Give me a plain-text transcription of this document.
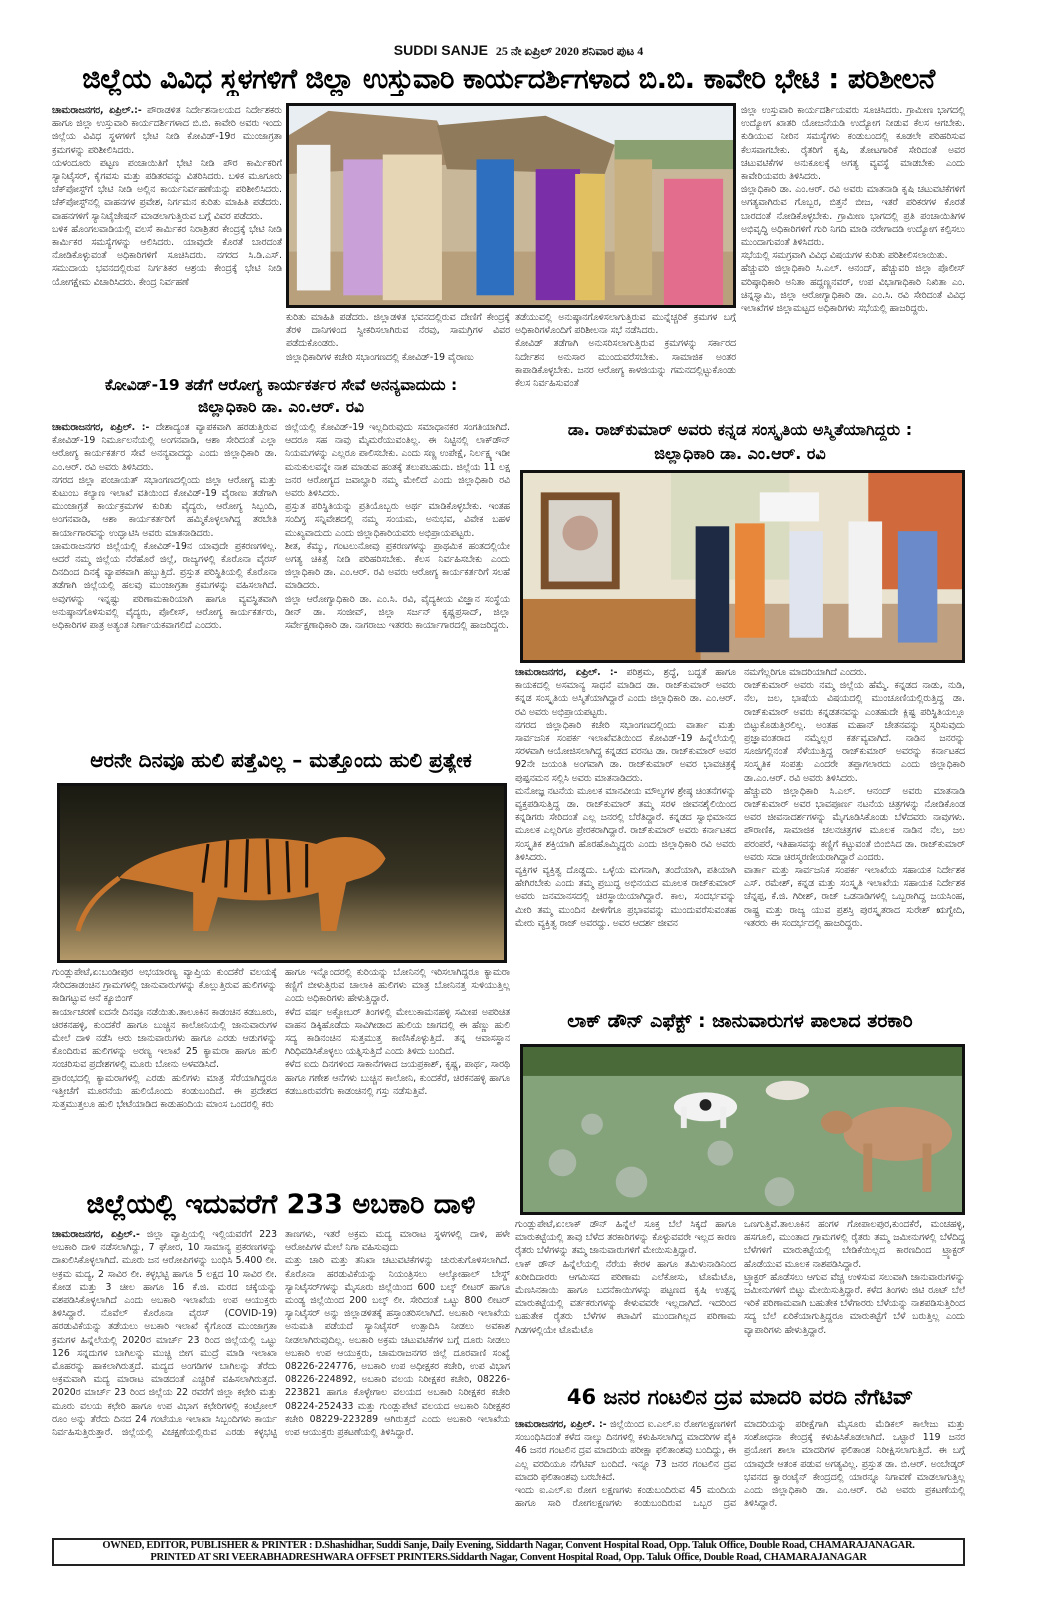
SUDDI SANJE 25 ನೇ ಏಪ್ರಿಲ್ 2020 ಶನಿವಾರ ಪುಟ 4
ಜಿಲ್ಲೆಯ ವಿವಿಧ ಸ್ಥಳಗಳಿಗೆ ಜಿಲ್ಲಾ ಉಸ್ತುವಾರಿ ಕಾರ್ಯದರ್ಶಿಗಳಾದ ಬಿ.ಬಿ. ಕಾವೇರಿ ಭೇಟಿ : ಪರಿಶೀಲನೆ

ಚಾಮರಾಜನಗರ, ಏಪ್ರಿಲ್.:- ಪೌರಾಡಳಿತ ನಿರ್ದೇಶನಾಲಯದ ನಿರ್ದೇಶಕರು ಹಾಗೂ ಜಿಲ್ಲಾ ಉಸ್ತುವಾರಿ ಕಾರ್ಯದರ್ಶಿಗಳಾದ ಬಿ.ಬಿ. ಕಾವೇರಿ ಅವರು ಇಂದು ಜಿಲ್ಲೆಯ ವಿವಿಧ ಸ್ಥಳಗಳಿಗೆ ಭೇಟಿ ನೀಡಿ ಕೋವಿಡ್-19ರ ಮುಂಜಾಗ್ರತಾ ಕ್ರಮಗಳನ್ನು ಪರಿಶೀಲಿಸಿದರು.

ಯಳಂದೂರು ಪಟ್ಟಣ ಪಂಚಾಯಿತಿಗೆ ಭೇಟಿ ನೀಡಿ ಪೌರ ಕಾರ್ಮಿಕರಿಗೆ ಸ್ಯಾನಿಟೈಸರ್, ಕೈಗವಸು ಮತ್ತು ಪಡಿತರವನ್ನು ವಿತರಿಸಿದರು. ಬಳಿಕ ಮೂಗೂರು ಚೆಕ್‌ಪೋಸ್ಟ್‌ಗೆ ಭೇಟಿ ನೀಡಿ ಅಲ್ಲಿನ ಕಾರ್ಯನಿರ್ವಹಣೆಯನ್ನು ಪರಿಶೀಲಿಸಿದರು. ಚೆಕ್‌ಪೋಸ್ಟ್‌ನಲ್ಲಿ ವಾಹನಗಳ ಪ್ರವೇಶ, ನಿರ್ಗಮನ ಕುರಿತು ಮಾಹಿತಿ ಪಡೆದರು. ವಾಹನಗಳಿಗೆ ಸ್ಯಾನಿಟೈಜೇಷನ್ ಮಾಡಲಾಗುತ್ತಿರುವ ಬಗ್ಗೆ ವಿವರ ಪಡೆದರು.

ಬಳಿಕ ಹೊಂಗಲವಾಡಿಯಲ್ಲಿ ವಲಸೆ ಕಾರ್ಮಿಕರ ನಿರಾಶ್ರಿತರ ಕೇಂದ್ರಕ್ಕೆ ಭೇಟಿ ನೀಡಿ ಕಾರ್ಮಿಕರ ಸಮಸ್ಯೆಗಳನ್ನು ಆಲಿಸಿದರು. ಯಾವುದೇ ಕೊರತೆ ಬಾರದಂತೆ ನೋಡಿಕೊಳ್ಳುವಂತೆ ಅಧಿಕಾರಿಗಳಿಗೆ ಸೂಚಿಸಿದರು. ನಗರದ ಸಿ.ಡಿ.ಎಸ್. ಸಮುದಾಯ ಭವನದಲ್ಲಿರುವ ನಿರ್ಗತಿಕರ ಆಶ್ರಯ ಕೇಂದ್ರಕ್ಕೆ ಭೇಟಿ ನೀಡಿ ಯೋಗಕ್ಷೇಮ ವಿಚಾರಿಸಿದರು. ಕೇಂದ್ರ ನಿರ್ವಹಣೆ

ಕುರಿತು ಮಾಹಿತಿ ಪಡೆದರು. ಜಿಲ್ಲಾಡಳಿತ ಭವನದಲ್ಲಿರುವ ದೇಣಿಗೆ ಕೇಂದ್ರಕ್ಕೆ ತೆರಳಿ ದಾನಿಗಳಿಂದ ಸ್ವೀಕರಿಸಲಾಗಿರುವ ನೆರವು, ಸಾಮಗ್ರಿಗಳ ವಿವರ ಪಡೆದುಕೊಂಡರು.

ಜಿಲ್ಲಾಧಿಕಾರಿಗಳ ಕಚೇರಿ ಸಭಾಂಗಣದಲ್ಲಿ ಕೋವಿಡ್-19 ವೈರಾಣು

ತಡೆಯುವಲ್ಲಿ ಅನುಷ್ಠಾನಗೊಳಿಸಲಾಗುತ್ತಿರುವ ಮುನ್ನೆಚ್ಚರಿಕೆ ಕ್ರಮಗಳ ಬಗ್ಗೆ ಅಧಿಕಾರಿಗಳೊಂದಿಗೆ ಪರಿಶೀಲನಾ ಸಭೆ ನಡೆಸಿದರು.

ಕೋವಿಡ್ ತಡೆಗಾಗಿ ಅನುಸರಿಸಲಾಗುತ್ತಿರುವ ಕ್ರಮಗಳನ್ನು ಸರ್ಕಾರದ ನಿರ್ದೇಶನ ಅನುಸಾರ ಮುಂದುವರೆಸಬೇಕು. ಸಾಮಾಜಿಕ ಅಂತರ ಕಾಪಾಡಿಕೊಳ್ಳಬೇಕು. ಜನರ ಆರೋಗ್ಯ ಕಾಳಜಿಯನ್ನು ಗಮನದಲ್ಲಿಟ್ಟುಕೊಂಡು ಕೆಲಸ ನಿರ್ವಹಿಸುವಂತೆ

ಜಿಲ್ಲಾ ಉಸ್ತುವಾರಿ ಕಾರ್ಯದರ್ಶಿಯವರು ಸೂಚಿಸಿದರು. ಗ್ರಾಮೀಣ ಭಾಗದಲ್ಲಿ ಉದ್ಯೋಗ ಖಾತರಿ ಯೋಜನೆಯಡಿ ಉದ್ಯೋಗ ನೀಡುವ ಕೆಲಸ ಆಗಬೇಕು. ಕುಡಿಯುವ ನೀರಿನ ಸಮಸ್ಯೆಗಳು ಕಂಡುಬಂದಲ್ಲಿ ಕೂಡಲೇ ಪರಿಹರಿಸುವ ಕೆಲಸವಾಗಬೇಕು. ರೈತರಿಗೆ ಕೃಷಿ, ತೋಟಗಾರಿಕೆ ಸೇರಿದಂತೆ ಅವರ ಚಟುವಟಿಕೆಗಳ ಅನುಕೂಲಕ್ಕೆ ಅಗತ್ಯ ವ್ಯವಸ್ಥೆ ಮಾಡಬೇಕು ಎಂದು ಕಾವೇರಿಯವರು ತಿಳಿಸಿದರು.

ಜಿಲ್ಲಾಧಿಕಾರಿ ಡಾ. ಎಂ.ಆರ್. ರವಿ ಅವರು ಮಾತನಾಡಿ ಕೃಷಿ ಚಟುವಟಿಕೆಗಳಿಗೆ ಅಗತ್ಯವಾಗಿರುವ ಗೊಬ್ಬರ, ಬಿತ್ತನೆ ಬೀಜ, ಇತರೆ ಪರಿಕರಗಳ ಕೊರತೆ ಬಾರದಂತೆ ನೋಡಿಕೊಳ್ಳಬೇಕು. ಗ್ರಾಮೀಣ ಭಾಗದಲ್ಲಿ ಪ್ರತಿ ಪಂಚಾಯಿತಿಗಳ ಅಭಿವೃದ್ಧಿ ಅಧಿಕಾರಿಗಳಿಗೆ ಗುರಿ ನಿಗದಿ ಮಾಡಿ ನರೇಗಾದಡಿ ಉದ್ಯೋಗ ಕಲ್ಪಿಸಲು ಮುಂದಾಗುವಂತೆ ತಿಳಿಸಿದರು.

ಸಭೆಯಲ್ಲಿ ಸಮಗ್ರವಾಗಿ ವಿವಿಧ ವಿಷಯಗಳ ಕುರಿತು ಪರಿಶೀಲಿಸಲಾಯಿತು.

ಹೆಚ್ಚುವರಿ ಜಿಲ್ಲಾಧಿಕಾರಿ ಸಿ.ಎಲ್. ಆನಂದ್, ಹೆಚ್ಚುವರಿ ಜಿಲ್ಲಾ ಪೊಲೀಸ್ ವರಿಷ್ಠಾಧಿಕಾರಿ ಅನಿತಾ ಹದ್ದಣ್ಣನವರ್, ಉಪ ವಿಭಾಗಾಧಿಕಾರಿ ನಿಖಿತಾ ಎಂ. ಚಿನ್ನಸ್ವಾಮಿ, ಜಿಲ್ಲಾ ಆರೋಗ್ಯಾಧಿಕಾರಿ ಡಾ. ಎಂ.ಸಿ. ರವಿ ಸೇರಿದಂತೆ ವಿವಿಧ ಇಲಾಖೆಗಳ ಜಿಲ್ಲಾಮಟ್ಟದ ಅಧಿಕಾರಿಗಳು ಸಭೆಯಲ್ಲಿ ಹಾಜರಿದ್ದರು.

ಕೋವಿಡ್-19 ತಡೆಗೆ ಆರೋಗ್ಯ ಕಾರ್ಯಕರ್ತರ ಸೇವೆ ಅನನ್ಯವಾದುದು :
ಜಿಲ್ಲಾಧಿಕಾರಿ ಡಾ. ಎಂ.ಆರ್. ರವಿ

ಚಾಮರಾಜನಗರ, ಏಪ್ರಿಲ್. :- ದೇಶಾದ್ಯಂತ ವ್ಯಾಪಕವಾಗಿ ಹರಡುತ್ತಿರುವ ಕೋವಿಡ್-19 ನಿರ್ಮೂಲನೆಯಲ್ಲಿ ಅಂಗನವಾಡಿ, ಆಶಾ ಸೇರಿದಂತೆ ಎಲ್ಲಾ ಆರೋಗ್ಯ ಕಾರ್ಯಕರ್ತರ ಸೇವೆ ಅನನ್ಯವಾದದ್ದು ಎಂದು ಜಿಲ್ಲಾಧಿಕಾರಿ ಡಾ. ಎಂ.ಆರ್. ರವಿ ಅವರು ತಿಳಿಸಿದರು.

ನಗರದ ಜಿಲ್ಲಾ ಪಂಚಾಯತ್ ಸಭಾಂಗಣದಲ್ಲಿಂದು ಜಿಲ್ಲಾ ಆರೋಗ್ಯ ಮತ್ತು ಕುಟುಂಬ ಕಲ್ಯಾಣ ಇಲಾಖೆ ವತಿಯಿಂದ ಕೋವಿಡ್-19 ವೈರಾಣು ತಡೆಗಾಗಿ ಮುಂಜಾಗ್ರತೆ ಕಾರ್ಯಕ್ರಮಗಳ ಕುರಿತು ವೈದ್ಯರು, ಆರೋಗ್ಯ ಸಿಬ್ಬಂದಿ, ಅಂಗನವಾಡಿ, ಆಶಾ ಕಾರ್ಯಕರ್ತರಿಗೆ ಹಮ್ಮಿಕೊಳ್ಳಲಾಗಿದ್ದ ತರಬೇತಿ ಕಾರ್ಯಾಗಾರವನ್ನು ಉದ್ಘಾಟಿಸಿ ಅವರು ಮಾತನಾಡಿದರು.

ಚಾಮರಾಜನಗರ ಜಿಲ್ಲೆಯಲ್ಲಿ ಕೋವಿಡ್-19ನ ಯಾವುದೇ ಪ್ರಕರಣಗಳಿಲ್ಲ. ಆದರೆ ನಮ್ಮ ಜಿಲ್ಲೆಯ ನೆರೆಹೊರೆ ಜಿಲ್ಲೆ, ರಾಜ್ಯಗಳಲ್ಲಿ ಕೊರೊನಾ ವೈರಸ್ ದಿನದಿಂದ ದಿನಕ್ಕೆ ವ್ಯಾಪಕವಾಗಿ ಹಬ್ಬುತ್ತಿದೆ. ಪ್ರಸ್ತುತ ಪರಿಸ್ಥಿತಿಯಲ್ಲಿ ಕೊರೊನಾ ತಡೆಗಾಗಿ ಜಿಲ್ಲೆಯಲ್ಲಿ ಹಲವು ಮುಂಜಾಗ್ರತಾ ಕ್ರಮಗಳನ್ನು ವಹಿಸಲಾಗಿದೆ. ಅವುಗಳನ್ನು ಇನ್ನಷ್ಟು ಪರಿಣಾಮಕಾರಿಯಾಗಿ ಹಾಗೂ ವ್ಯವಸ್ಥಿತವಾಗಿ ಅನುಷ್ಠಾನಗೊಳಿಸುವಲ್ಲಿ ವೈದ್ಯರು, ಪೊಲೀಸ್, ಆರೋಗ್ಯ ಕಾರ್ಯಕರ್ತರು, ಅಧಿಕಾರಿಗಳ ಪಾತ್ರ ಅತ್ಯಂತ ನಿರ್ಣಾಯಕವಾಗಲಿದೆ ಎಂದರು.

ಜಿಲ್ಲೆಯಲ್ಲಿ ಕೋವಿಡ್-19 ಇಲ್ಲದಿರುವುದು ಸಮಾಧಾನಕರ ಸಂಗತಿಯಾಗಿದೆ. ಆದರೂ ಸಹ ನಾವು ಮೈಮರೆಯುವಂತಿಲ್ಲ. ಈ ನಿಟ್ಟಿನಲ್ಲಿ ಲಾಕ್‌ಡೌನ್ ನಿಯಮಗಳನ್ನು ಎಲ್ಲರೂ ಪಾಲಿಸಬೇಕು. ಎಂದು ಸಣ್ಣ ಉಪೇಕ್ಷೆ, ನಿರ್ಲಕ್ಷ್ಯ ಇಡೀ ಮನುಕುಲವನ್ನೇ ನಾಶ ಮಾಡುವ ಹಂತಕ್ಕೆ ತಲುಪಬಹುದು. ಜಿಲ್ಲೆಯ 11 ಲಕ್ಷ ಜನರ ಆರೋಗ್ಯದ ಜವಾಬ್ದಾರಿ ನಮ್ಮ ಮೇಲಿದೆ ಎಂದು ಜಿಲ್ಲಾಧಿಕಾರಿ ರವಿ ಅವರು ತಿಳಿಸಿದರು.

ಪ್ರಸ್ತುತ ಪರಿಸ್ಥಿತಿಯನ್ನು ಪ್ರತಿಯೊಬ್ಬರು ಅರ್ಥ ಮಾಡಿಕೊಳ್ಳಬೇಕು. ಇಂತಹ ಸಂದಿಗ್ಧ ಸನ್ನಿವೇಶದಲ್ಲಿ ನಮ್ಮ ಸಂಯಮ, ಅನುಭವ, ವಿವೇಕ ಬಹಳ ಮುಖ್ಯವಾದುದು ಎಂದು ಜಿಲ್ಲಾಧಿಕಾರಿಯವರು ಅಭಿಪ್ರಾಯಪಟ್ಟರು.

ಶೀತ, ಕೆಮ್ಮು, ಗಂಟಲುನೋವು ಪ್ರಕರಣಗಳನ್ನು ಪ್ರಾಥಮಿಕ ಹಂತದಲ್ಲಿಯೇ ಅಗತ್ಯ ಚಿಕಿತ್ಸೆ ನೀಡಿ ಪರಿಹರಿಸಬೇಕು. ಕೆಲಸ ನಿರ್ವಹಿಸಬೇಕು ಎಂದು ಜಿಲ್ಲಾಧಿಕಾರಿ ಡಾ. ಎಂ.ಆರ್. ರವಿ ಅವರು ಆರೋಗ್ಯ ಕಾರ್ಯಕರ್ತರಿಗೆ ಸಲಹೆ ಮಾಡಿದರು.

ಜಿಲ್ಲಾ ಆರೋಗ್ಯಾಧಿಕಾರಿ ಡಾ. ಎಂ.ಸಿ. ರವಿ, ವೈದ್ಯಕೀಯ ವಿಜ್ಞಾನ ಸಂಸ್ಥೆಯ ಡೀನ್ ಡಾ. ಸಂಜೀವ್, ಜಿಲ್ಲಾ ಸರ್ಜನ್ ಕೃಷ್ಣಪ್ರಸಾದ್, ಜಿಲ್ಲಾ ಸರ್ವೇಕ್ಷಣಾಧಿಕಾರಿ ಡಾ. ನಾಗರಾಜು ಇತರರು ಕಾರ್ಯಾಗಾರದಲ್ಲಿ ಹಾಜರಿದ್ದರು.

ಡಾ. ರಾಜ್‌ಕುಮಾರ್ ಅವರು ಕನ್ನಡ ಸಂಸ್ಕೃತಿಯ ಅಸ್ಮಿತೆಯಾಗಿದ್ದರು :
ಜಿಲ್ಲಾಧಿಕಾರಿ ಡಾ. ಎಂ.ಆರ್. ರವಿ

ಚಾಮರಾಜನಗರ, ಏಪ್ರಿಲ್. :- ಪರಿಶ್ರಮ, ಶ್ರದ್ಧೆ, ಬದ್ಧತೆ ಹಾಗೂ ಕಾಯಕದಲ್ಲಿ ಅಸಮಾನ್ಯ ಸಾಧನೆ ಮಾಡಿದ ಡಾ. ರಾಜ್‌ಕುಮಾರ್ ಅವರು ಕನ್ನಡ ಸಂಸ್ಕೃತಿಯ ಅಸ್ಮಿತೆಯಾಗಿದ್ದಾರೆ ಎಂದು ಜಿಲ್ಲಾಧಿಕಾರಿ ಡಾ. ಎಂ.ಆರ್. ರವಿ ಅವರು ಅಭಿಪ್ರಾಯಪಟ್ಟರು.

ನಗರದ ಜಿಲ್ಲಾಧಿಕಾರಿ ಕಚೇರಿ ಸಭಾಂಗಣದಲ್ಲಿಂದು ವಾರ್ತಾ ಮತ್ತು ಸಾರ್ವಜನಿಕ ಸಂಪರ್ಕ ಇಲಾಖೆವತಿಯಿಂದ ಕೋವಿಡ್-19 ಹಿನ್ನೆಲೆಯಲ್ಲಿ ಸರಳವಾಗಿ ಆಯೋಜಿಸಲಾಗಿದ್ದ ಕನ್ನಡದ ವರನಟ ಡಾ. ರಾಜ್‌ಕುಮಾರ್ ಅವರ 92ನೇ ಜಯಂತಿ ಅಂಗವಾಗಿ ಡಾ. ರಾಜ್‌ಕುಮಾರ್ ಅವರ ಭಾವಚಿತ್ರಕ್ಕೆ ಪುಷ್ಪನಮನ ಸಲ್ಲಿಸಿ ಅವರು ಮಾತನಾಡಿದರು.

ಮನೋಜ್ಞ ನಟನೆಯ ಮೂಲಕ ಮಾನವೀಯ ಮೌಲ್ಯಗಳ ಶ್ರೇಷ್ಠ ಚಿಂತನೆಗಳನ್ನು ವ್ಯಕ್ತಪಡಿಸುತ್ತಿದ್ದ ಡಾ. ರಾಜ್‌ಕುಮಾರ್ ತಮ್ಮ ಸರಳ ಜೀವನಶೈಲಿಯಿಂದ ಕನ್ನಡಿಗರು ಸೇರಿದಂತೆ ಎಲ್ಲ ಜನರಲ್ಲಿ ಬೆರೆತಿದ್ದಾರೆ. ಕನ್ನಡದ ಸ್ವಾಭಿಮಾನದ ಮೂಲಕ ಎಲ್ಲರಿಗೂ ಪ್ರೇರಕರಾಗಿದ್ದಾರೆ. ರಾಜ್‌ಕುಮಾರ್ ಅವರು ಕರ್ನಾಟಕದ ಸಂಸ್ಕೃತಿಕ ಶಕ್ತಿಯಾಗಿ ಹೊರಹೊಮ್ಮಿದ್ದರು ಎಂದು ಜಿಲ್ಲಾಧಿಕಾರಿ ರವಿ ಅವರು ತಿಳಿಸಿದರು.

ವ್ಯಕ್ತಿಗಳ ವ್ಯಕ್ತಿತ್ವ ದೊಡ್ಡದು. ಒಳ್ಳೆಯ ಮಗನಾಗಿ, ತಂದೆಯಾಗಿ, ಪತಿಯಾಗಿ ಹೇಗಿರಬೇಕು ಎಂದು ತಮ್ಮ ಪ್ರಬುದ್ಧ ಅಭಿನಯದ ಮೂಲಕ ರಾಜ್‌ಕುಮಾರ್ ಅವರು ಜನಮಾನಸದಲ್ಲಿ ಚಿರಸ್ಥಾಯಿಯಾಗಿದ್ದಾರೆ. ಕಾಲ, ಸಂದರ್ಭವನ್ನು ಮೀರಿ ತಮ್ಮ ಮುಂದಿನ ಪೀಳಿಗೆಗೂ ಪ್ರಭಾವವನ್ನು ಮುಂದುವರೆಸುವಂತಹ ಮೇರು ವ್ಯಕ್ತಿತ್ವ ರಾಜ್ ಅವರದ್ದು. ಅವರ ಆದರ್ಶ ಜೀವನ

ನಮಗೆಲ್ಲರಿಗೂ ಮಾದರಿಯಾಗಿದೆ ಎಂದರು.

ರಾಜ್‌ಕುಮಾರ್ ಅವರು ನಮ್ಮ ಜಿಲ್ಲೆಯ ಹೆಮ್ಮೆ. ಕನ್ನಡದ ನಾಡು, ನುಡಿ, ನೆಲ, ಜಲ, ಭಾಷೆಯ ವಿಷಯದಲ್ಲಿ ಮುಂಚೂಣಿಯಲ್ಲಿರುತ್ತಿದ್ದ ಡಾ. ರಾಜ್‌ಕುಮಾರ್ ಅವರು ಕನ್ನಡತನವನ್ನು ಎಂತಹುದೇ ಕ್ಲಿಷ್ಟ ಪರಿಸ್ಥಿತಿಯಲ್ಲೂ ಬಿಟ್ಟುಕೊಡುತ್ತಿರಲಿಲ್ಲ. ಅಂತಹ ಮಹಾನ್ ಚೇತನವನ್ನು ಸ್ಮರಿಸುವುದು ಪ್ರಜ್ಞಾವಂತರಾದ ನಮ್ಮೆಲ್ಲರ ಕರ್ತವ್ಯವಾಗಿದೆ. ನಾಡಿನ ಜನರನ್ನು ಸೂಜಿಗಲ್ಲಿನಂತೆ ಸೆಳೆಯುತ್ತಿದ್ದ ರಾಜ್‌ಕುಮಾರ್ ಅವರನ್ನು ಕರ್ನಾಟಕದ ಸಂಸ್ಕೃತಿಕ ಸಂಪತ್ತು ಎಂದರೇ ತಪ್ಪಾಗಲಾರದು ಎಂದು ಜಿಲ್ಲಾಧಿಕಾರಿ ಡಾ.ಎಂ.ಆರ್. ರವಿ ಅವರು ತಿಳಿಸಿದರು.

ಹೆಚ್ಚುವರಿ ಜಿಲ್ಲಾಧಿಕಾರಿ ಸಿ.ಎಲ್. ಆನಂದ್ ಅವರು ಮಾತನಾಡಿ ರಾಜ್‌ಕುಮಾರ್ ಅವರ ಭಾವಪೂರ್ಣ ನಟನೆಯ ಚಿತ್ರಗಳನ್ನು ನೋಡಿಕೊಂಡ ಅವರ ಜೀವನಾದರ್ಶಗಳನ್ನು ಮೈಗೂಡಿಸಿಕೊಂಡು ಬೆಳೆದವರು ನಾವುಗಳು. ಪೌರಾಣಿಕ, ಸಾಮಾಜಿಕ ಚಲನಚಿತ್ರಗಳ ಮೂಲಕ ನಾಡಿನ ನೆಲ, ಜಲ ಪರಂಪರೆ, ಇತಿಹಾಸವನ್ನು ಕಣ್ಣಿಗೆ ಕಟ್ಟುವಂತೆ ಬಿಂಬಿಸಿದ ಡಾ. ರಾಜ್‌ಕುಮಾರ್ ಅವರು ಸದಾ ಚಿರಸ್ಮರಣೀಯರಾಗಿದ್ದಾರೆ ಎಂದರು.

ವಾರ್ತಾ ಮತ್ತು ಸಾರ್ವಜನಿಕ ಸಂಪರ್ಕ ಇಲಾಖೆಯ ಸಹಾಯಕ ನಿರ್ದೇಶಕ ಎಸ್. ರಮೇಶ್, ಕನ್ನಡ ಮತ್ತು ಸಂಸ್ಕೃತಿ ಇಲಾಖೆಯ ಸಹಾಯಕ ನಿರ್ದೇಶಕ ಚೆನ್ನಪ್ಪ, ಕೆ.ಜಿ. ಗಿರೀಶ್, ರಾಜ್ ಒಡನಾಡಿಗಳಲ್ಲಿ ಒಬ್ಬರಾಗಿದ್ದ ಜಯಸಿಂಹ, ರಾಷ್ಟ್ರ ಮತ್ತು ರಾಜ್ಯ ಯುವ ಪ್ರಶಸ್ತಿ ಪುರಸ್ಕೃತರಾದ ಸುರೇಶ್ ಋಗ್ವೇದಿ, ಇತರರು ಈ ಸಂದರ್ಭದಲ್ಲಿ ಹಾಜರಿದ್ದರು.

ಆರನೇ ದಿನವೂ ಹುಲಿ ಪತ್ತೆವಿಲ್ಲ – ಮತ್ತೊಂದು ಹುಲಿ ಪ್ರತ್ಯೇಕ

ಗುಂಡ್ಲುಪೇಟೆ,ಏ:ಬಂಡೀಪುರ ಅಭಯಾರಣ್ಯ ವ್ಯಾಪ್ತಿಯ ಕುಂದಕೆರೆ ವಲಯಕ್ಕೆ ಸೇರಿದಕಾಡಂಚಿನ ಗ್ರಾಮಗಳಲ್ಲಿ ಜಾನುವಾರುಗಳನ್ನು ಕೊಲ್ಲುತ್ತಿರುವ ಹುಲಿಗಳನ್ನು ಕಾಡಿಗಟ್ಟುವ ಆನೆ ಕ್ಯೂಬಿಂಗ್

ಕಾರ್ಯಾಚರಣೆ ಐದನೇ ದಿನವೂ ನಡೆಯಿತು.ತಾಲೂಕಿನ ಕಾಡಂಚಿನ ಕಡಬೂರು, ಚಿರಕನಹಳ್ಳಿ, ಕುಂದಕೆರೆ ಹಾಗೂ ಬುಚ್ಚಿನ ಕಾಲೋನಿಯಲ್ಲಿ ಜಾನುವಾರುಗಳ ಮೇಲೆ ದಾಳಿ ನಡೆಸಿ ಆರು ಜಾನುವಾರುಗಳು ಹಾಗೂ ಎರಡು ಆಡುಗಳನ್ನು ಕೊಂದಿರುವ ಹುಲಿಗಳನ್ನು ಅರಣ್ಯ ಇಲಾಖೆ 25 ಕ್ಯಾಮರಾ ಹಾಗೂ ಹುಲಿ ಸಂಚರಿಸುವ ಪ್ರದೇಶಗಳಲ್ಲಿ ಮೂರು ಬೋನು ಅಳವಡಿಸಿದೆ.

ಪ್ರಾರಂಭದಲ್ಲಿ ಕ್ಯಾಮರಾಗಳಲ್ಲಿ ಎರಡು ಹುಲಿಗಳು ಮಾತ್ರ ಸೆರೆಯಾಗಿದ್ದರೂ ಇತ್ತೀಚೆಗೆ ಮೂರನೆಯ ಹುಲಿಯೊಂದು ಕಂಡುಬಂದಿದೆ. ಈ ಪ್ರದೇಶದ ಸುತ್ತಮುತ್ತಲೂ ಹುಲಿ ಭೇಟೆಯಾಡಿದ ಕಾಡುಹಂದಿಯ ಮಾಂಸ ಒಂದರಲ್ಲಿ ಕರು

ಹಾಗೂ ಇನ್ನೊಂದರಲ್ಲಿ ಕುರಿಯನ್ನು ಬೋನಿನಲ್ಲಿ ಇರಿಸಲಾಗಿದ್ದರೂ ಕ್ಯಾಮರಾ ಕಣ್ಣಿಗೆ ಬೀಳುತ್ತಿರುವ ಚಾಲಾಕಿ ಹುಲಿಗಳು ಮಾತ್ರ ಬೋನಿನತ್ತ ಸುಳಿಯುತ್ತಿಲ್ಲ ಎಂದು ಅಧಿಕಾರಿಗಳು ಹೇಳುತ್ತಿದ್ದಾರೆ.

ಕಳೆದ ವರ್ಷ ಅಕ್ಟೋಬರ್ ತಿಂಗಳಲ್ಲಿ ಮೇಲುಕಾಮನಹಳ್ಳಿ ಸಮೀಪ ಅಪರಿಚಿತ ವಾಹನ ಡಿಕ್ಕಿಹೊಡೆದು ಸಾವಿಗೀಡಾದ ಹುಲಿಯ ಜಾಗದಲ್ಲಿ ಈ ಹೆಣ್ಣು ಹುಲಿ ಸದ್ಯ ಕಾಡಿನಂಚಿನ ಸುತ್ತಮುತ್ತ ಕಾಣಿಸಿಕೊಳ್ಳುತ್ತಿದೆ. ತನ್ನ ಆವಾಸಸ್ಥಾನ ಗಿರಿಧಿವಡಿಸಿಕೊಳ್ಳಲು ಯತ್ನಿಸುತ್ತಿದೆ ಎಂದು ತಿಳಿದು ಬಂದಿದೆ.

ಕಳೆದ ಐದು ದಿನಗಳಿಂದ ಸಾಕಾನೆಗಳಾದ ಜಯಪ್ರಕಾಶ್, ಕೃಷ್ಣ, ಪಾರ್ಥ, ಸಾರಥಿ ಹಾಗೂ ಗಣೇಶ ಆನೆಗಳು ಬುಚ್ಚಿನ ಕಾಲೋನಿ, ಕುಂದಕೆರೆ, ಚಿರಕನಹಳ್ಳಿ ಹಾಗೂ ಕಡಬೂರುವರೆಗು ಕಾಡಂಚಿನಲ್ಲಿ ಗಸ್ತು ನಡೆಸುತ್ತಿವೆ.

ಲಾಕ್ ಡೌನ್ ಎಫೆಕ್ಟ್ : ಜಾನುವಾರುಗಳ ಪಾಲಾದ ತರಕಾರಿ

ಗುಂಡ್ಲುಪೇಟೆ,ಏ:ಲಾಕ್ ಡೌನ್ ಹಿನ್ನೆಲೆ ಸೂಕ್ತ ಬೆಲೆ ಸಿಕ್ಕದೆ ಹಾಗೂ ಮಾರುಕಟ್ಟೆಯಲ್ಲಿ ತಾವು ಬೆಳೆದ ತರಕಾರಿಗಳನ್ನು ಕೊಳ್ಳುವವರೇ ಇಲ್ಲದ ಕಾರಣ ರೈತರು ಬೆಳೆಗಳನ್ನು ತಮ್ಮ ಜಾನುವಾರುಗಳಿಗೆ ಮೇಯಿಸುತ್ತಿದ್ದಾರೆ.

ಲಾಕ್ ಡೌನ್ ಹಿನ್ನೆಲೆಯಲ್ಲಿ ನೆರೆಯ ಕೇರಳ ಹಾಗೂ ತಮಿಳುನಾಡಿನಿಂದ ಖರೀದಿದಾರರು ಆಗಮಿಸದ ಪರಿಣಾಮ ಎಲೆಕೋಸು, ಟೊಮೆಟೊ, ಮೆಣಸಿನಕಾಯಿ ಹಾಗೂ ಬದನೆಕಾಯಿಗಳನ್ನು ಪಟ್ಟಣದ ಕೃಷಿ ಉತ್ಪನ್ನ ಮಾರುಕಟ್ಟೆಯಲ್ಲಿ ವರ್ತಕರುಗಳನ್ನು ಕೇಳುವವರೇ ಇಲ್ಲದಾಗಿದೆ. ಇದರಿಂದ ಬಹುತೇಕ ರೈತರು ಬೆಳೆಗಳ ಕಟಾವಿಗೆ ಮುಂದಾಗಿಲ್ಲದ ಪರಿಣಾಮ ಗಿಡಗಳಲ್ಲಿಯೇ ಟೊಮೆಟೊ

ಒಣಗುತ್ತಿವೆ.ತಾಲೂಕಿನ ಹಂಗಳ ಗೋಪಾಲಪುರ,ಕುಂದಕೆರೆ, ಮಂಚಹಳ್ಳಿ, ಹಸಗೂಲಿ, ಮುಂತಾದ ಗ್ರಾಮಗಳಲ್ಲಿ ರೈತರು ತಮ್ಮ ಜಮೀನುಗಳಲ್ಲಿ ಬೆಳೆದಿದ್ದ ಬೆಳೆಗಳಿಗೆ ಮಾರುಕಟ್ಟೆಯಲ್ಲಿ ಬೇಡಿಕೆಯಿಲ್ಲದ ಕಾರಣದಿಂದ ಟ್ರ್ಯಾಕ್ಟರ್ ಹೊಡೆಯುವ ಮೂಲಕ ನಾಶಪಡಿಸಿದ್ದಾರೆ.

ಟ್ರ್ಯಾಕ್ಟರ್ ಹೊಡೆಸಲು ಆಗುವ ವೆಚ್ಚ ಉಳಿಸುವ ಸಲುವಾಗಿ ಜಾನುವಾರುಗಳನ್ನು ಜಮೀನುಗಳಿಗೆ ಬಿಟ್ಟು ಮೇಯಿಸುತ್ತಿದ್ದಾರೆ. ಕಳೆದ ತಿಂಗಳು ಜಿಟಿ ರೂಟ್ ಬೆಲೆ ಇರಿಕೆ ಪರಿಣಾಮವಾಗಿ ಬಹುತೇಕ ಬೆಳೆಗಾರರು ಬೆಳೆಯನ್ನು ನಾಶಪಡಿಸುತ್ತಿರಿಂದ ಸದ್ಯ ಬೆಲೆ ಏರಿಕೆಯಾಗುತ್ತಿದ್ದರೂ ಮಾರುಕಟ್ಟೆಗೆ ಬೆಳೆ ಬರುತ್ತಿಲ್ಲ ಎಂದು ವ್ಯಾಪಾರಿಗಳು ಹೇಳುತ್ತಿದ್ದಾರೆ.

ಜಿಲ್ಲೆಯಲ್ಲಿ ಇದುವರೆಗೆ 233 ಅಬಕಾರಿ ದಾಳಿ

ಚಾಮರಾಜನಗರ, ಏಪ್ರಿಲ್.- ಜಿಲ್ಲಾ ವ್ಯಾಪ್ತಿಯಲ್ಲಿ ಇಲ್ಲಿಯವರೆಗೆ 223 ಅಬಕಾರಿ ದಾಳಿ ನಡೆಸಲಾಗಿದ್ದು, 7 ಘೋರ, 10 ಸಾಮಾನ್ಯ ಪ್ರಕರಣಗಳನ್ನು ದಾಖಲಿಸಿಕೊಳ್ಳಲಾಗಿದೆ. ಮೂರು ಜನ ಆರೋಪಿಗಳನ್ನು ಬಂಧಿಸಿ 5.400 ಲೀ. ಅಕ್ರಮ ಮದ್ಯ, 2 ಸಾವಿರ ಲೀ. ಕಳ್ಳಭಟ್ಟಿ ಹಾಗೂ 5 ಲಕ್ಷದ 10 ಸಾವಿರ ಲೀ. ಕೋಡ ಮತ್ತು 3 ಚೀಲ ಹಾಗೂ 16 ಕೆ.ಜಿ. ಮರದ ಚಕ್ಕೆಯನ್ನು ವಶಪಡಿಸಿಕೊಳ್ಳಲಾಗಿದೆ ಎಂದು ಅಬಕಾರಿ ಇಲಾಖೆಯ ಉಪ ಆಯುಕ್ತರು ತಿಳಿಸಿದ್ದಾರೆ. ನೊವೆಲ್ ಕೊರೊನಾ ವೈರಸ್ (COVID-19) ಹರಡುವಿಕೆಯನ್ನು ತಡೆಯಲು ಅಬಕಾರಿ ಇಲಾಖೆ ಕೈಗೊಂಡ ಮುಂಜಾಗ್ರತಾ ಕ್ರಮಗಳ ಹಿನ್ನೆಲೆಯಲ್ಲಿ 2020ರ ಮಾರ್ಚ್ 23 ರಿಂದ ಜಿಲ್ಲೆಯಲ್ಲಿ ಒಟ್ಟು 126 ಸನ್ನದುಗಳ ಬಾಗಿಲನ್ನು ಮುಚ್ಚಿ ಬೀಗ ಮುದ್ರೆ ಮಾಡಿ ಇಲಾಖಾ ಮೊಹರನ್ನು ಹಾಕಲಾಗಿರುತ್ತದೆ. ಮದ್ಯದ ಅಂಗಡಿಗಳ ಬಾಗಿಲನ್ನು ತೆರೆದು ಅಕ್ರಮವಾಗಿ ಮದ್ಯ ಮಾರಾಟ ಮಾಡದಂತೆ ಎಚ್ಚರಿಕೆ ವಹಿಸಲಾಗಿರುತ್ತದೆ. 2020ರ ಮಾರ್ಚ್ 23 ರಿಂದ ಜಿಲ್ಲೆಯ 22 ರವರೆಗೆ ಜಿಲ್ಲಾ ಕಛೇರಿ ಮತ್ತು ಮೂರು ವಲಯ ಕಛೇರಿ ಹಾಗೂ ಉಪ ವಿಭಾಗ ಕಛೇರಿಗಳಲ್ಲಿ ಕಂಟ್ರೋಲ್ ರೂಂ ಅನ್ನು ತೆರೆದು ದಿನದ 24 ಗಂಟೆಯೂ ಇಲಾಖಾ ಸಿಬ್ಬಂದಿಗಳು ಕಾರ್ಯ ನಿರ್ವಹಿಸುತ್ತಿರುತ್ತಾರೆ. ಜಿಲ್ಲೆಯಲ್ಲಿ ವಿಚಕ್ಷಣೆಯಲ್ಲಿರುವ ಎರಡು ಕಳ್ಳಭಟ್ಟಿ ತಾಣಗಳು, ಇತರೆ ಅಕ್ರಮ ಮದ್ಯ ಮಾರಾಟ ಸ್ಥಳಗಳಲ್ಲಿ ದಾಳಿ, ಹಳೇ ಆರೋಪಿಗಳ ಮೇಲೆ ನಿಗಾ ವಹಿಸುವುದು

ಮತ್ತು ಚಾರಿ ಮತ್ತು ತನಿಖಾ ಚಟುವಟಿಕೆಗಳನ್ನು ಚುರುಕುಗೊಳಿಸಲಾಗಿದೆ. ಕೊರೊನಾ ಹರಡುವಿಕೆಯನ್ನು ನಿಯಂತ್ರಿಸಲು ಆಲ್ಕೋಹಾಲ್ ಬೇಸ್ಡ್ ಸ್ಯಾನಿಟೈಸರ್‌ಗಳನ್ನು ಮೈಸೂರು ಜಿಲ್ಲೆಯಿಂದ 600 ಬಲ್ಕ್ ಲೀಟರ್ ಹಾಗೂ ಮಂಡ್ಯ ಜಿಲ್ಲೆಯಿಂದ 200 ಬಲ್ಕ್ ಲೀ. ಸೇರಿದಂತೆ ಒಟ್ಟು 800 ಲೀಟರ್ ಸ್ಯಾನಿಟೈಸರ್ ಅನ್ನು ಜಿಲ್ಲಾಡಳಿತಕ್ಕೆ ಹಸ್ತಾಂತರಿಸಲಾಗಿದೆ. ಅಬಕಾರಿ ಇಲಾಖೆಯ ಅನುಮತಿ ಪಡೆಯದೆ ಸ್ಯಾನಿಟೈಸರ್ ಉತ್ಪಾದಿಸಿ ನೀಡಲು ಅವಕಾಶ ನೀಡಲಾಗಿರುವುದಿಲ್ಲ. ಅಬಕಾರಿ ಅಕ್ರಮ ಚಟುವಟಿಕೆಗಳ ಬಗ್ಗೆ ದೂರು ನೀಡಲು ಅಬಕಾರಿ ಉಪ ಆಯುಕ್ತರು, ಚಾಮರಾಜನಗರ ಜಿಲ್ಲೆ ದೂರವಾಣಿ ಸಂಖ್ಯೆ 08226-224776, ಅಬಕಾರಿ ಉಪ ಅಧೀಕ್ಷಕರ ಕಚೇರಿ, ಉಪ ವಿಭಾಗ 08226-224892, ಅಬಕಾರಿ ವಲಯ ನಿರೀಕ್ಷಕರ ಕಚೇರಿ, 08226-223821 ಹಾಗೂ ಕೊಳ್ಳೇಗಾಲ ವಲಯದ ಅಬಕಾರಿ ನಿರೀಕ್ಷಕರ ಕಚೇರಿ 08224-252433 ಮತ್ತು ಗುಂಡ್ಲುಪೇಟೆ ವಲಯದ ಅಬಕಾರಿ ನಿರೀಕ್ಷಕರ ಕಚೇರಿ 08229-223289 ಆಗಿರುತ್ತದೆ ಎಂದು ಅಬಕಾರಿ ಇಲಾಖೆಯ ಉಪ ಆಯುಕ್ತರು ಪ್ರಕಟಣೆಯಲ್ಲಿ ತಿಳಿಸಿದ್ದಾರೆ.

46 ಜನರ ಗಂಟಲಿನ ದ್ರವ ಮಾದರಿ ವರದಿ ನೆಗೆಟಿವ್

ಚಾಮರಾಜನಗರ, ಏಪ್ರಿಲ್. :- ಜಿಲ್ಲೆಯಿಂದ ಐ.ಎಲ್.ಐ ರೋಗಲಕ್ಷಣಗಳಿಗೆ ಸಂಬಂಧಿಸಿದಂತೆ ಕಳೆದ ನಾಲ್ಕು ದಿನಗಳಲ್ಲಿ ಕಳುಹಿಸಲಾಗಿದ್ದ ಮಾದರಿಗಳ ಪೈಕಿ 46 ಜನರ ಗಂಟಲಿನ ದ್ರವ ಮಾದರಿಯ ಪರೀಕ್ಷಾ ಫಲಿತಾಂಶವು ಬಂದಿದ್ದು, ಈ ಎಲ್ಲ ವರದಿಯೂ ನೆಗೆಟಿವ್ ಬಂದಿದೆ. ಇನ್ನೂ 73 ಜನರ ಗಂಟಲಿನ ದ್ರವ ಮಾದರಿ ಫಲಿತಾಂಶವು ಬರಬೇಕಿದೆ.

ಇಂದು ಐ.ಎಲ್.ಐ ರೋಗ ಲಕ್ಷಣಗಳು ಕಂಡುಬಂದಿರುವ 45 ಮಂದಿಯ ಹಾಗೂ ಸಾರಿ ರೋಗಲಕ್ಷಣಗಳು ಕಂಡುಬಂದಿರುವ ಒಬ್ಬರ ದ್ರವ ಮಾದರಿಯನ್ನು ಪರೀಕ್ಷೆಗಾಗಿ ಮೈಸೂರು ಮೆಡಿಕಲ್ ಕಾಲೇಜು ಮತ್ತು ಸಂಶೋಧನಾ ಕೇಂದ್ರಕ್ಕೆ ಕಳುಹಿಸಿಕೊಡಲಾಗಿದೆ. ಒಟ್ಟಾರೆ 119 ಜನರ ಪ್ರಯೋಗ ಶಾಲಾ ಮಾದರಿಗಳ ಫಲಿತಾಂಶ ನಿರೀಕ್ಷಿಸಲಾಗುತ್ತಿದೆ. ಈ ಬಗ್ಗೆ ಯಾವುದೇ ಆತಂಕ ಪಡುವ ಅಗತ್ಯವಿಲ್ಲ. ಪ್ರಸ್ತುತ ಡಾ. ಬಿ.ಆರ್. ಅಂಬೇಡ್ಕರ್ ಭವನದ ಕ್ವಾರಂಟೈನ್ ಕೇಂದ್ರದಲ್ಲಿ ಯಾರನ್ನೂ ನಿಗಾವಣೆ ಮಾಡಲಾಗುತ್ತಿಲ್ಲ ಎಂದು ಜಿಲ್ಲಾಧಿಕಾರಿ ಡಾ. ಎಂ.ಆರ್. ರವಿ ಅವರು ಪ್ರಕಟಣೆಯಲ್ಲಿ ತಿಳಿಸಿದ್ದಾರೆ.

OWNED, EDITOR, PUBLISHER & PRINTER : D.Shashidhar, Suddi Sanje, Daily Evening, Siddarth Nagar, Convent Hospital Road, Opp. Taluk Office, Double Road, CHAMARAJANAGAR.
PRINTED AT SRI VEERABHADRESHWARA OFFSET PRINTERS.Siddarth Nagar, Convent Hospital Road, Opp. Taluk Office, Double Road, CHAMARAJANAGAR
